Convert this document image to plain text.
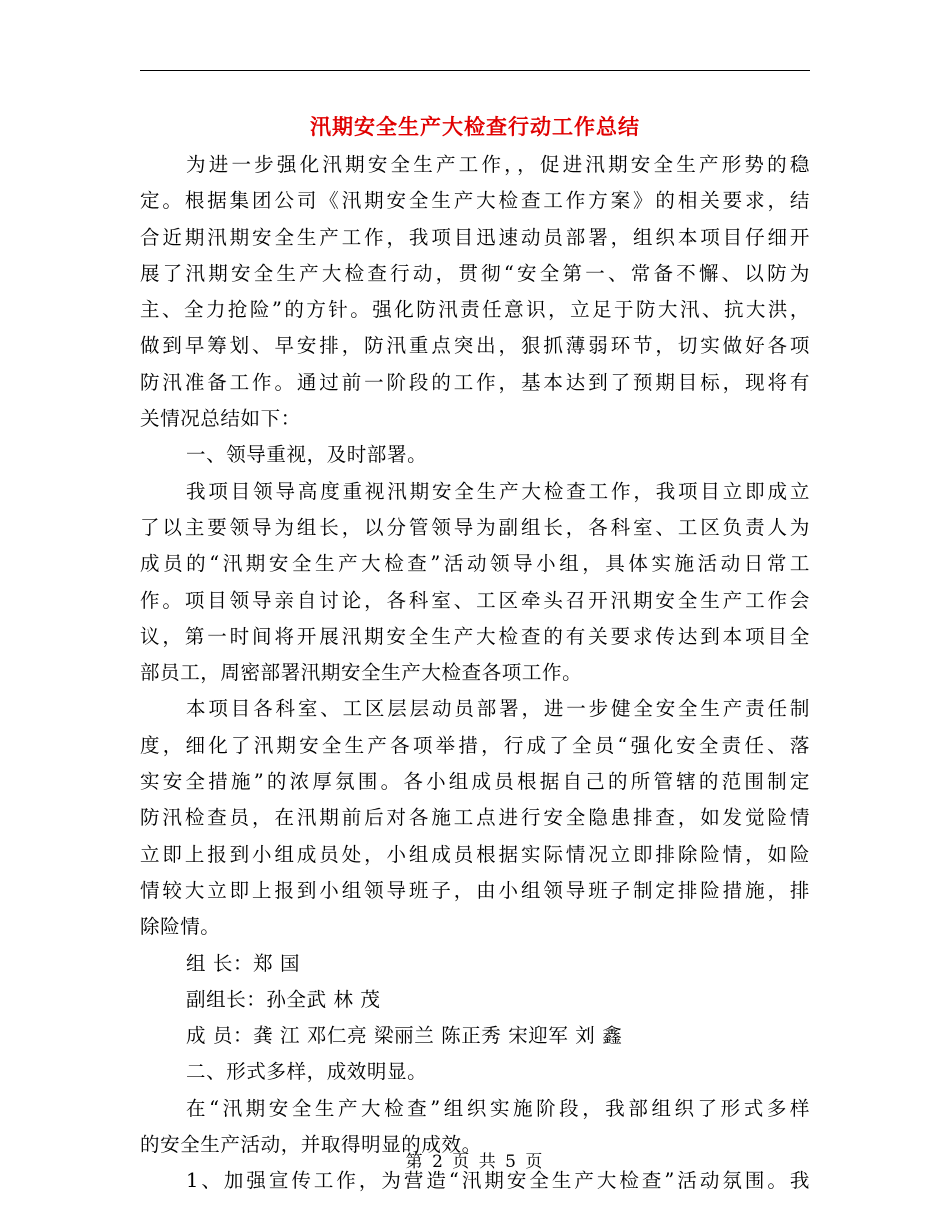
汛期安全生产大检查行动工作总结
为进一步强化汛期安全生产工作，，促进汛期安全生产形势的稳
定。根据集团公司《汛期安全生产大检查工作方案》的相关要求，结
合近期汛期安全生产工作，我项目迅速动员部署，组织本项目仔细开
展了汛期安全生产大检查行动，贯彻“安全第一、常备不懈、以防为
主、全力抢险”的方针。强化防汛责任意识，立足于防大汛、抗大洪，
做到早筹划、早安排，防汛重点突出，狠抓薄弱环节，切实做好各项
防汛准备工作。通过前一阶段的工作，基本达到了预期目标，现将有
关情况总结如下：
一、领导重视，及时部署。
我项目领导高度重视汛期安全生产大检查工作，我项目立即成立
了以主要领导为组长，以分管领导为副组长，各科室、工区负责人为
成员的“汛期安全生产大检查”活动领导小组，具体实施活动日常工
作。项目领导亲自讨论，各科室、工区牵头召开汛期安全生产工作会
议，第一时间将开展汛期安全生产大检查的有关要求传达到本项目全
部员工，周密部署汛期安全生产大检查各项工作。
本项目各科室、工区层层动员部署，进一步健全安全生产责任制
度，细化了汛期安全生产各项举措，行成了全员“强化安全责任、落
实安全措施”的浓厚氛围。各小组成员根据自己的所管辖的范围制定
防汛检查员，在汛期前后对各施工点进行安全隐患排查，如发觉险情
立即上报到小组成员处，小组成员根据实际情况立即排除险情，如险
情较大立即上报到小组领导班子，由小组领导班子制定排险措施，排
除险情。
组 长：郑 国
副组长：孙全武 林 茂
成 员：龚 江 邓仁亮 梁丽兰 陈正秀 宋迎军 刘 鑫
二、形式多样，成效明显。
在“汛期安全生产大检查”组织实施阶段，我部组织了形式多样
的安全生产活动，并取得明显的成效。
1、加强宣传工作，为营造“汛期安全生产大检查”活动氛围。我
第 2 页 共 5 页
